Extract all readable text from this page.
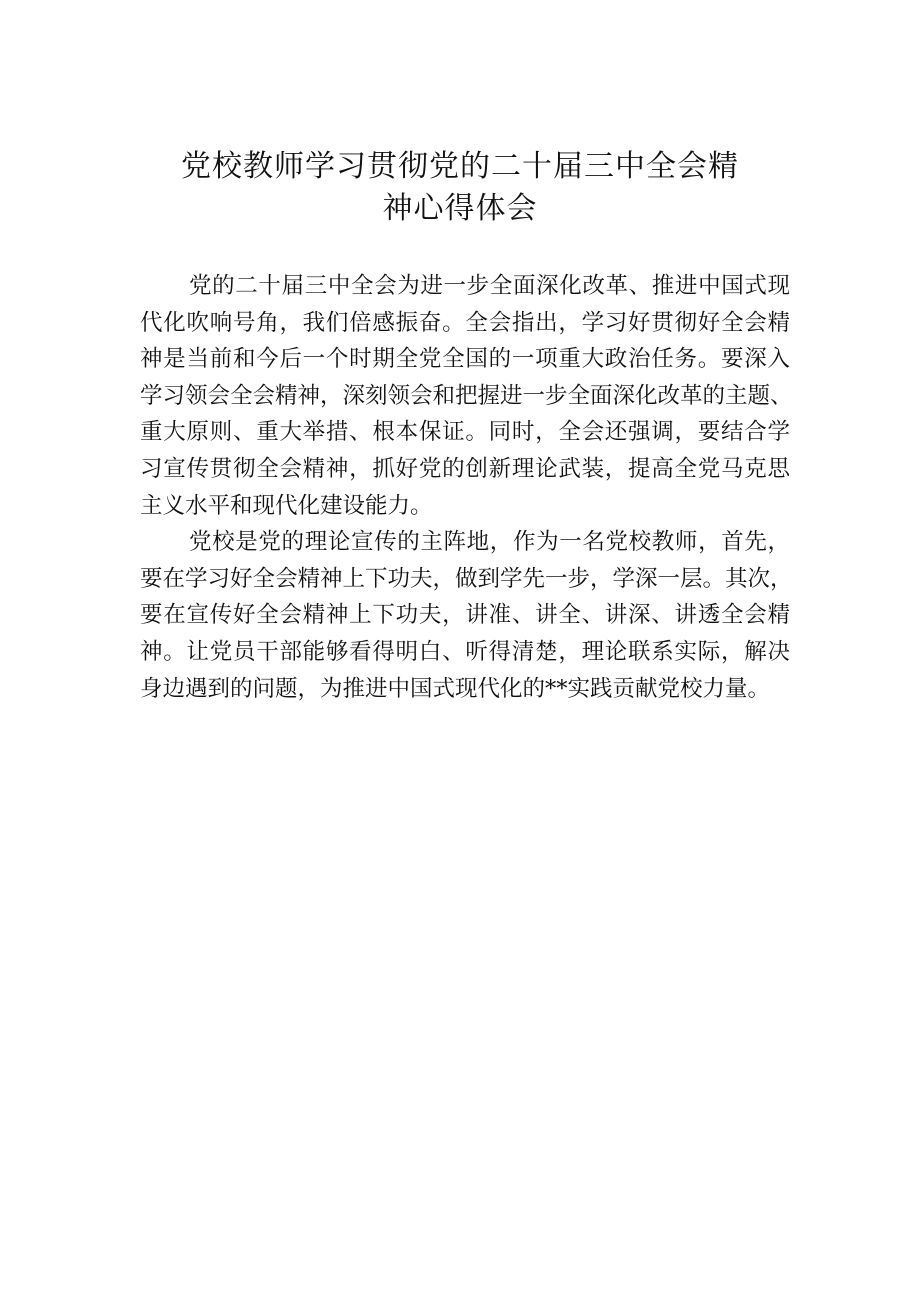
党校教师学习贯彻党的二十届三中全会精
神心得体会

党的二十届三中全会为进一步全面深化改革、推进中国式现
代化吹响号角，我们倍感振奋。全会指出，学习好贯彻好全会精
神是当前和今后一个时期全党全国的一项重大政治任务。要深入
学习领会全会精神，深刻领会和把握进一步全面深化改革的主题、
重大原则、重大举措、根本保证。同时，全会还强调，要结合学
习宣传贯彻全会精神，抓好党的创新理论武装，提高全党马克思
主义水平和现代化建设能力。

党校是党的理论宣传的主阵地，作为一名党校教师，首先，
要在学习好全会精神上下功夫，做到学先一步，学深一层。其次，
要在宣传好全会精神上下功夫，讲准、讲全、讲深、讲透全会精
神。让党员干部能够看得明白、听得清楚，理论联系实际，解决
身边遇到的问题，为推进中国式现代化的**实践贡献党校力量。
